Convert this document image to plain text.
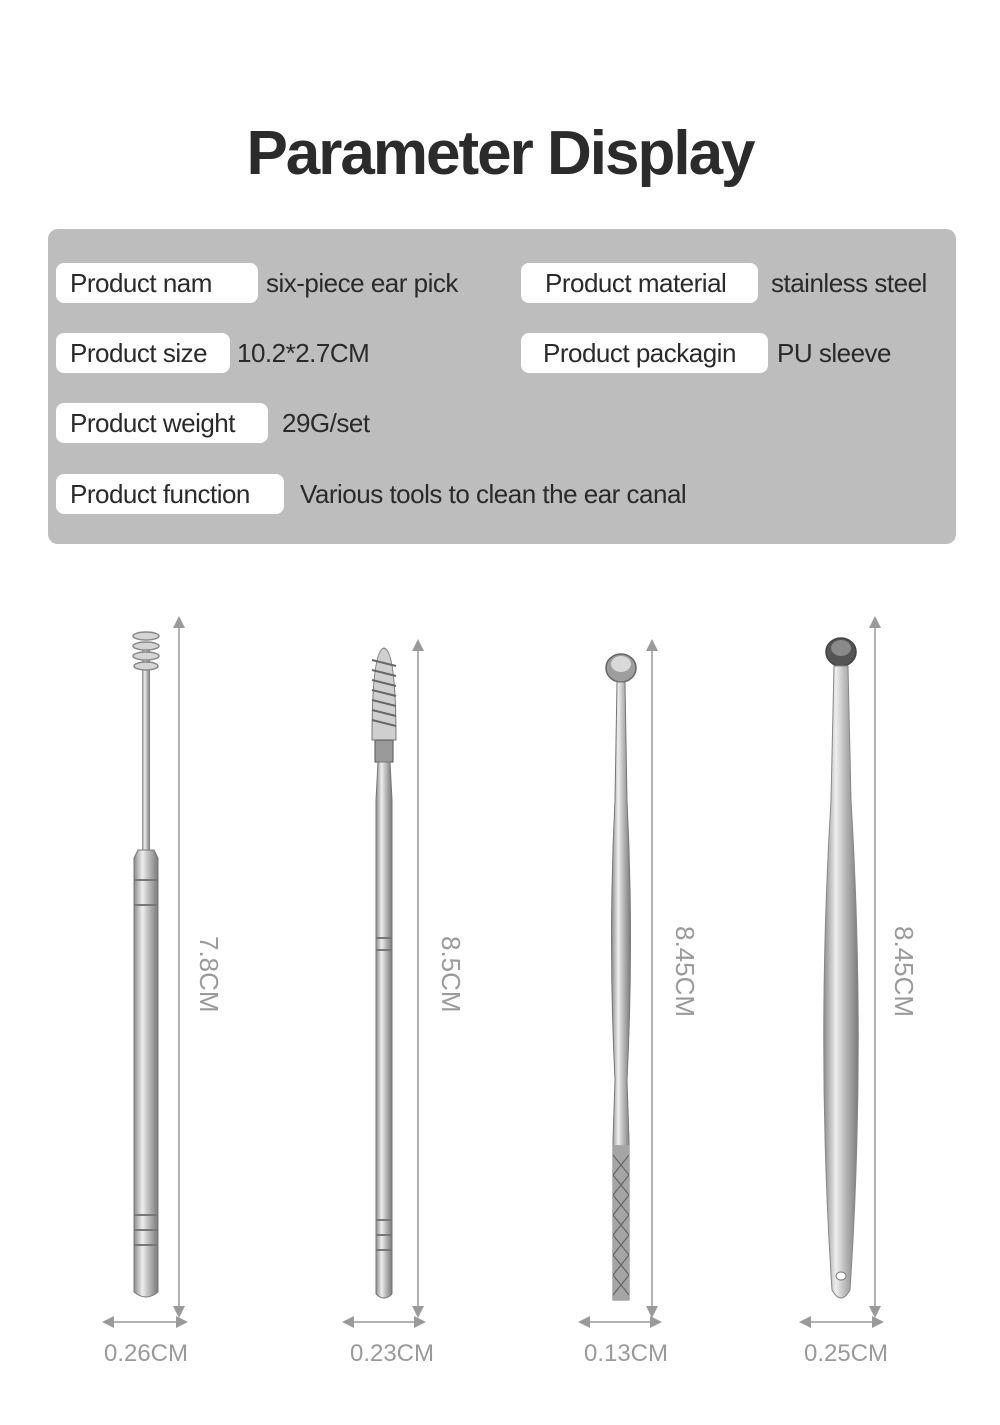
Parameter Display
Product nam	six-piece ear pick	Product material	stainless steel
Product size	10.2*2.7CM	Product packagin	PU sleeve
Product weight	29G/set
Product function	Various tools to clean the ear canal
7.8CM	8.5CM	8.45CM	8.45CM
0.26CM	0.23CM	0.13CM	0.25CM
